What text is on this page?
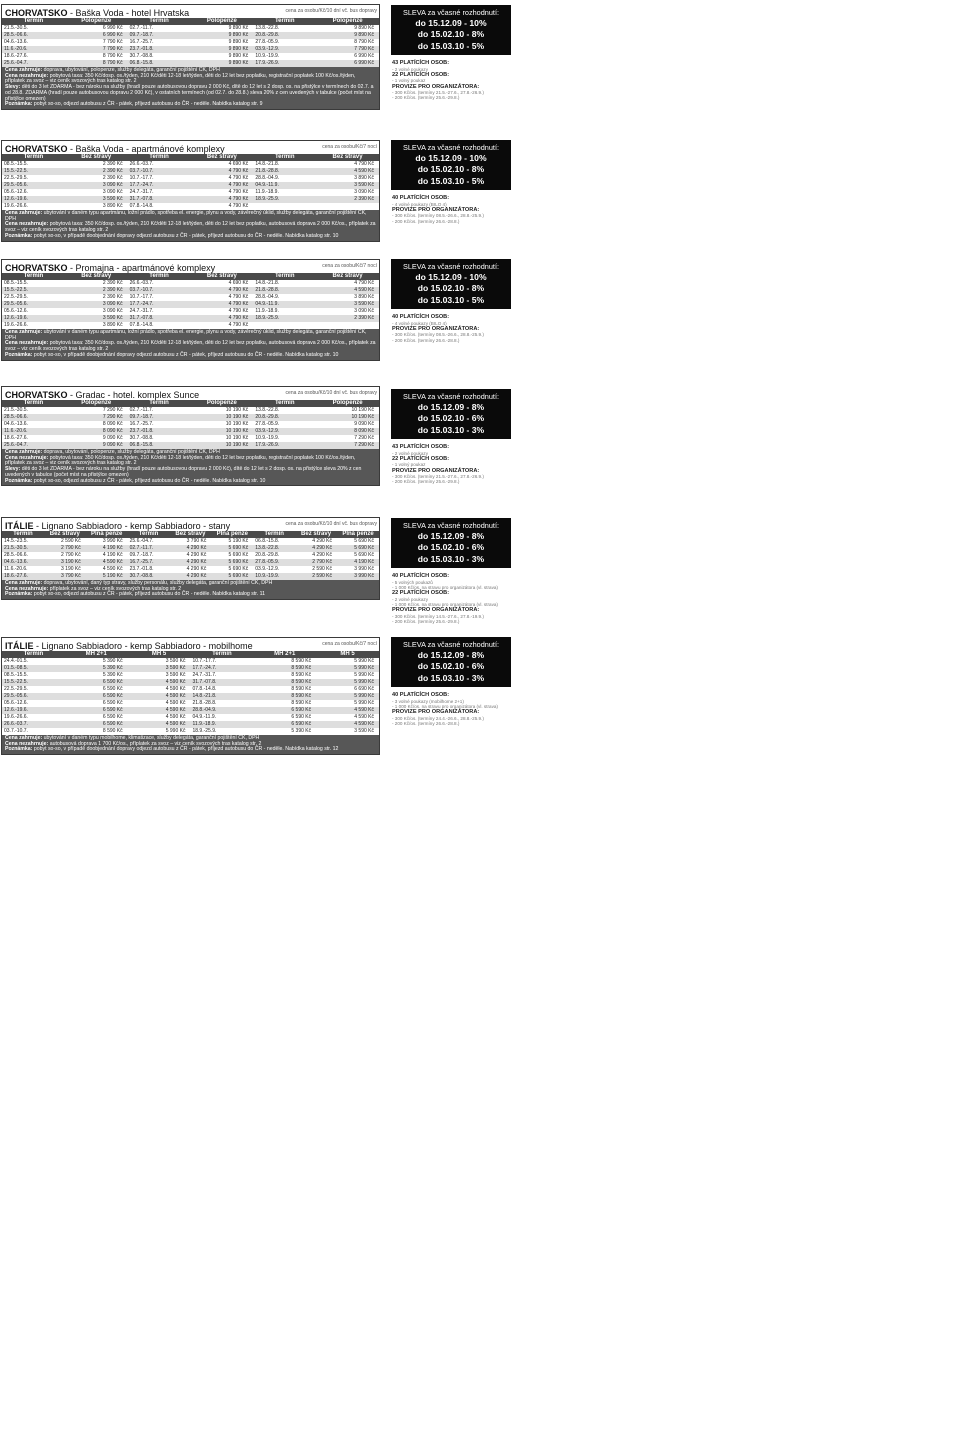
CHORVATSKO - Baška Voda - hotel Hrvatska	cena za osobu/Kč/10 dní vč. bus dopravy
Termín	Polopenze	Termín	Polopenze	Termín	Polopenze
21.5.-30.5.	6 990 Kč	02.7.-11.7.	9 890 Kč	13.8.-22.8.	9 890 Kč
28.5.-06.6.	6 990 Kč	09.7.-18.7.	9 890 Kč	20.8.-29.8.	9 890 Kč
04.6.-13.6.	7 790 Kč	16.7.-25.7.	9 890 Kč	27.8.-05.9.	8 790 Kč
11.6.-20.6.	7 790 Kč	23.7.-01.8.	9 890 Kč	03.9.-12.9.	7 790 Kč
18.6.-27.6.	8 790 Kč	30.7.-08.8.	9 890 Kč	10.9.-19.9.	6 990 Kč
25.6.-04.7.	8 790 Kč	06.8.-15.8.	9 890 Kč	17.9.-26.9.	6 990 Kč
Cena zahrnuje: doprava, ubytování, polopenze, služby delegáta, garanční pojištění CK, DPH
Cena nezahrnuje: pobytová taxa: 350 Kč/dosp. os./týden, 210 Kč/děti 12-18 let/týden, děti do 12 let bez poplatku, registrační poplatek 100 Kč/os./týden, příplatek za svoz – viz ceník svozových tras katalog str. 2
Slevy: děti do 3 let ZDARMA - bez nároku na služby (hradí pouze autobusovou dopravu 2 000 Kč, dítě do 12 let s 2 dosp. os. na přistýlce v termínech do 02.7. a od 28.8. ZDARMA (hradí pouze autobusovou dopravu 2 000 Kč), v ostatních termínech (od 02.7. do 28.8.) sleva 20% z cen uvedených v tabulce (počet míst na přistýlce omezen)
Poznámka: pobyt so-so, odjezd autobusu z ČR - pátek, příjezd autobusu do ČR - neděle. Nabídka katalog str. 9
SLEVA za včasné rozhodnutí:
do 15.12.09 - 10%
do 15.02.10 - 8%
do 15.03.10 - 5%
43 PLATÍCÍCH OSOB:
- 2 volné poukazy
22 PLATÍCÍCH OSOB:
- 1 volný poukaz
PROVIZE PRO ORGANIZÁTORA:
- 300 Kč/os. (termíny 21.5.-27.6., 27.8.-26.9.)
- 200 Kč/os. (termíny 25.6.-29.8.)
CHORVATSKO - Baška Voda - apartmánové komplexy	cena za osobu/Kč/7 nocí
Termín	Bez stravy	Termín	Bez stravy	Termín	Bez stravy
08.5.-15.5.	2 390 Kč	26.6.-03.7.	4 690 Kč	14.8.-21.8.	4 790 Kč
15.5.-22.5.	2 390 Kč	03.7.-10.7.	4 790 Kč	21.8.-28.8.	4 590 Kč
22.5.-29.5.	2 390 Kč	10.7.-17.7.	4 790 Kč	28.8.-04.9.	3 890 Kč
29.5.-05.6.	3 090 Kč	17.7.-24.7.	4 790 Kč	04.9.-11.9.	3 590 Kč
05.6.-12.6.	3 090 Kč	24.7.-31.7.	4 790 Kč	11.9.-18.9.	3 090 Kč
12.6.-19.6.	3 590 Kč	31.7.-07.8.	4 790 Kč	18.9.-25.9.	2 390 Kč
19.6.-26.6.	3 890 Kč	07.8.-14.8.	4 790 Kč		
Cena zahrnuje: ubytování v daném typu apartmánu, ložní prádlo, spotřeba el. energie, plynu a vody, závěrečný úklid, služby delegáta, garanční pojištění CK, DPH
Cena nezahrnuje: pobytová taxa: 350 Kč/dosp. os./týden, 210 Kč/děti 12-18 let/týden, děti do 12 let bez poplatku, autobusová doprava 2 000 Kč/os., příplatek za svoz – viz ceník svozových tras katalog str. 2
Poznámka: pobyt so-so, v případě doobjednání dopravy odjezd autobusu z ČR - pátek, příjezd autobusu do ČR - neděle. Nabídka katalog str. 10
SLEVA za včasné rozhodnutí:
do 15.12.09 - 10%
do 15.02.10 - 8%
do 15.03.10 - 5%
40 PLATÍCÍCH OSOB:
- 4 volné poukazy (BILO 4)
PROVIZE PRO ORGANIZÁTORA:
- 300 Kč/os. (termíny 08.5.-26.6., 28.8.-25.9.)
- 200 Kč/os. (termíny 26.6.-28.8.)
CHORVATSKO - Promajna - apartmánové komplexy	cena za osobu/Kč/7 nocí
Termín	Bez stravy	Termín	Bez stravy	Termín	Bez stravy
08.5.-15.5.	2 390 Kč	26.6.-03.7.	4 690 Kč	14.8.-21.8.	4 790 Kč
15.5.-22.5.	2 390 Kč	03.7.-10.7.	4 790 Kč	21.8.-28.8.	4 590 Kč
22.5.-29.5.	2 390 Kč	10.7.-17.7.	4 790 Kč	28.8.-04.9.	3 890 Kč
29.5.-05.6.	3 090 Kč	17.7.-24.7.	4 790 Kč	04.9.-11.9.	3 590 Kč
05.6.-12.6.	3 090 Kč	24.7.-31.7.	4 790 Kč	11.9.-18.9.	3 090 Kč
12.6.-19.6.	3 590 Kč	31.7.-07.8.	4 790 Kč	18.9.-25.9.	2 390 Kč
19.6.-26.6.	3 890 Kč	07.8.-14.8.	4 790 Kč		
Cena zahrnuje: ubytování v daném typu apartmánu, ložní prádlo, spotřeba el. energie, plynu a vody, závěrečný úklid, služby delegáta, garanční pojištění CK, DPH
Cena nezahrnuje: pobytová taxa: 350 Kč/dosp. os./týden, 210 Kč/děti 12-18 let/týden, děti do 12 let bez poplatku, autobusová doprava 2 000 Kč/os., příplatek za svoz – viz ceník svozových tras katalog str. 2
Poznámka: pobyt so-so, v případě doobjednání dopravy odjezd autobusu z ČR - pátek, příjezd autobusu do ČR - neděle. Nabídka katalog str. 10
SLEVA za včasné rozhodnutí:
do 15.12.09 - 10%
do 15.02.10 - 8%
do 15.03.10 - 5%
40 PLATÍCÍCH OSOB:
- 4 volné poukazy (BILO 4)
PROVIZE PRO ORGANIZÁTORA:
- 300 Kč/os. (termíny 08.5.-26.6., 28.8.-25.9.)
- 200 Kč/os. (termíny 26.6.-28.8.)
CHORVATSKO - Gradac - hotel. komplex Sunce	cena za osobu/Kč/10 dní vč. bus dopravy
Termín	Polopenze	Termín	Polopenze	Termín	Polopenze
21.5.-30.5.	7 290 Kč	02.7.-11.7.	10 190 Kč	13.8.-22.8.	10 190 Kč
28.5.-06.6.	7 290 Kč	09.7.-18.7.	10 190 Kč	20.8.-29.8.	10 190 Kč
04.6.-13.6.	8 090 Kč	16.7.-25.7.	10 190 Kč	27.8.-05.9.	9 090 Kč
11.6.-20.6.	8 090 Kč	23.7.-01.8.	10 190 Kč	03.9.-12.9.	8 090 Kč
18.6.-27.6.	9 090 Kč	30.7.-08.8.	10 190 Kč	10.9.-19.9.	7 290 Kč
25.6.-04.7.	9 090 Kč	06.8.-15.8.	10 190 Kč	17.9.-26.9.	7 290 Kč
Cena zahrnuje: doprava, ubytování, polopenze, služby delegáta, garanční pojištění CK, DPH
Cena nezahrnuje: pobytová taxa: 350 Kč/dosp. os./týden, 210 Kč/děti 12-18 let/týden, děti do 12 let bez poplatku, registrační poplatek 100 Kč/os./týden, příplatek za svoz – viz ceník svozových tras katalog str. 2
Slevy: děti do 3 let ZDARMA - bez nároku na služby (hradí pouze autobusovou dopravu 2 000 Kč), dítě do 12 let s 2 dosp. os. na přistýlce sleva 20% z cen uvedených v tabulce (počet míst na přistýlce omezen)
Poznámka: pobyt so-so, odjezd autobusu z ČR - pátek, příjezd autobusu do ČR - neděle. Nabídka katalog str. 10
SLEVA za včasné rozhodnutí:
do 15.12.09 - 8%
do 15.02.10 - 6%
do 15.03.10 - 3%
43 PLATÍCÍCH OSOB:
- 2 volné poukazy
22 PLATÍCÍCH OSOB:
- 1 volný poukaz
PROVIZE PRO ORGANIZÁTORA:
- 300 Kč/os. (termíny 21.5.-27.6., 27.8.-26.9.)
- 200 Kč/os. (termíny 25.6.-29.8.)
ITÁLIE - Lignano Sabbiadoro - kemp Sabbiadoro - stany	cena za osobu/Kč/10 dní vč. bus dopravy
Termín	Bez stravy	Plná penze	Termín	Bez stravy	Plná penze	Termín	Bez stravy	Plná penze
14.5.-23.5.	2 590 Kč	3 990 Kč	25.6.-04.7.	3 790 Kč	5 190 Kč	06.8.-15.8.	4 290 Kč	5 690 Kč
21.5.-30.5.	2 790 Kč	4 190 Kč	02.7.-11.7.	4 290 Kč	5 690 Kč	13.8.-22.8.	4 290 Kč	5 690 Kč
28.5.-06.6.	2 790 Kč	4 190 Kč	09.7.-18.7.	4 290 Kč	5 690 Kč	20.8.-29.8.	4 290 Kč	5 690 Kč
04.6.-13.6.	3 190 Kč	4 590 Kč	16.7.-25.7.	4 290 Kč	5 690 Kč	27.8.-05.9.	2 790 Kč	4 190 Kč
11.6.-20.6.	3 190 Kč	4 590 Kč	23.7.-01.8.	4 290 Kč	5 690 Kč	03.9.-12.9.	2 590 Kč	3 990 Kč
18.6.-27.6.	3 790 Kč	5 190 Kč	30.7.-08.8.	4 290 Kč	5 690 Kč	10.9.-19.9.	2 590 Kč	3 990 Kč
Cena zahrnuje: doprava, ubytování, daný typ stravy, služby personálu, služby delegáta, garanční pojištění CK, DPH
Cena nezahrnuje: příplatek za svoz – viz ceník svozových tras katalog str. 2
Poznámka: pobyt so-so, odjezd autobusu z ČR - pátek, příjezd autobusu do ČR - neděle. Nabídka katalog str. 11
SLEVA za včasné rozhodnutí:
do 15.12.09 - 8%
do 15.02.10 - 6%
do 15.03.10 - 3%
40 PLATÍCÍCH OSOB:
- 5 volných poukazů
- 1 000 Kč/os. na stravu pro organizátora (vl. strava)
22 PLATÍCÍCH OSOB:
- 2 volné poukazy
- 1 000 Kč/os. na stravu pro organizátora (vl. strava)
PROVIZE PRO ORGANIZÁTORA:
- 300 Kč/os. (termíny 14.5.-27.6., 27.8.-19.9.)
- 200 Kč/os. (termíny 25.6.-29.8.)
ITÁLIE - Lignano Sabbiadoro - kemp Sabbiadoro - mobilhome	cena za osobu/Kč/7 nocí
Termín	MH 2+1	MH 5	Termín	MH 2+1	MH 5
24.4.-01.5.	5 390 Kč	3 590 Kč	10.7.-17.7.	8 590 Kč	5 990 Kč
01.5.-08.5.	5 390 Kč	3 590 Kč	17.7.-24.7.	8 590 Kč	5 990 Kč
08.5.-15.5.	5 390 Kč	3 590 Kč	24.7.-31.7.	8 590 Kč	5 990 Kč
15.5.-22.5.	6 590 Kč	4 590 Kč	31.7.-07.8.	8 590 Kč	5 990 Kč
22.5.-29.5.	6 590 Kč	4 590 Kč	07.8.-14.8.	8 590 Kč	6 690 Kč
29.5.-05.6.	6 590 Kč	4 590 Kč	14.8.-21.8.	8 590 Kč	5 990 Kč
05.6.-12.6.	6 590 Kč	4 590 Kč	21.8.-28.8.	8 590 Kč	5 990 Kč
12.6.-19.6.	6 590 Kč	4 590 Kč	28.8.-04.9.	6 590 Kč	4 590 Kč
19.6.-26.6.	6 590 Kč	4 590 Kč	04.9.-11.9.	6 590 Kč	4 590 Kč
26.6.-03.7.	6 590 Kč	4 590 Kč	11.9.-18.9.	6 590 Kč	4 590 Kč
03.7.-10.7.	8 590 Kč	5 990 Kč	18.9.-25.9.	5 390 Kč	3 590 Kč
Cena zahrnuje: ubytování v daném typu mobilhome, klimatizace, služby delegáta, garanční pojištění CK, DPH
Cena nezahrnuje: autobusová doprava 1 700 Kč/os., příplatek za svoz – viz ceník svozových tras katalog str. 2
Poznámka: pobyt so-so, v případě doobjednání dopravy odjezd autobusu z ČR - pátek, příjezd autobusu do ČR - neděle. Nabídka katalog str. 12
SLEVA za včasné rozhodnutí:
do 15.12.09 - 8%
do 15.02.10 - 6%
do 15.03.10 - 3%
40 PLATÍCÍCH OSOB:
- 3 volné poukazy (mobilhome 2+1)
- 1 000 Kč/os. na stravu pro organizátora (vl. strava)
PROVIZE PRO ORGANIZÁTORA:
- 300 Kč/os. (termíny 24.4.-26.6., 28.8.-25.9.)
- 200 Kč/os. (termíny 26.6.-28.8.)
